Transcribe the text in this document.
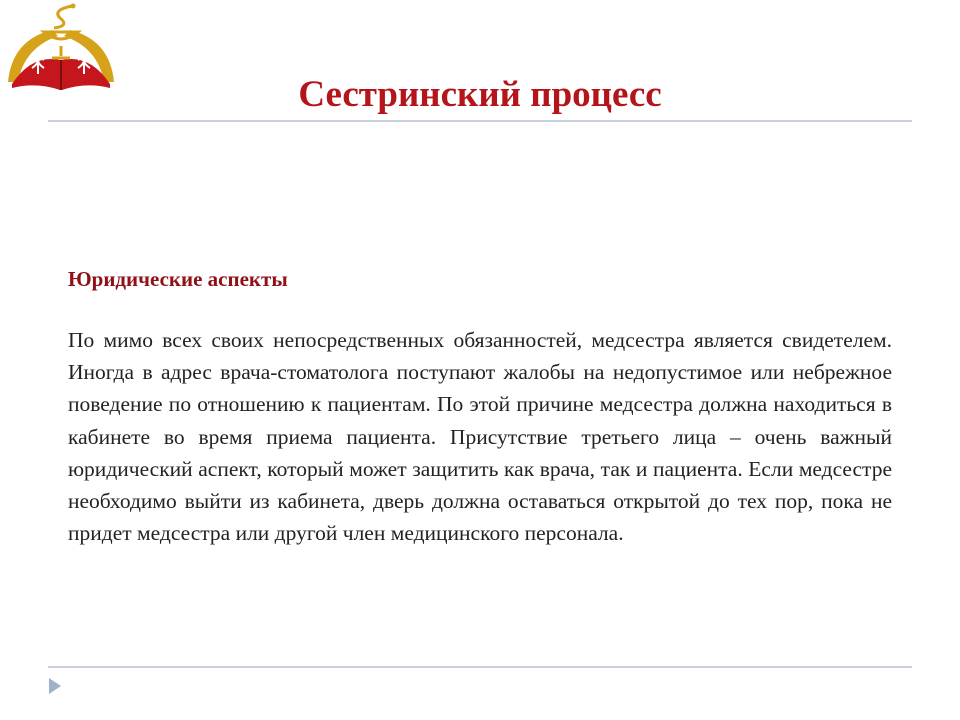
Сестринский процесс
Юридические аспекты

По мимо всех своих непосредственных обязанностей, медсестра является свидетелем. Иногда в адрес врача-стоматолога поступают жалобы на недопустимое или небрежное поведение по отношению к пациентам. По этой причине медсестра должна находиться в кабинете во время приема пациента. Присутствие третьего лица – очень важный юридический аспект, который может защитить как врача, так и пациента. Если медсестре необходимо выйти из кабинета, дверь должна оставаться открытой до тех пор, пока не придет медсестра или другой член медицинского персонала.
